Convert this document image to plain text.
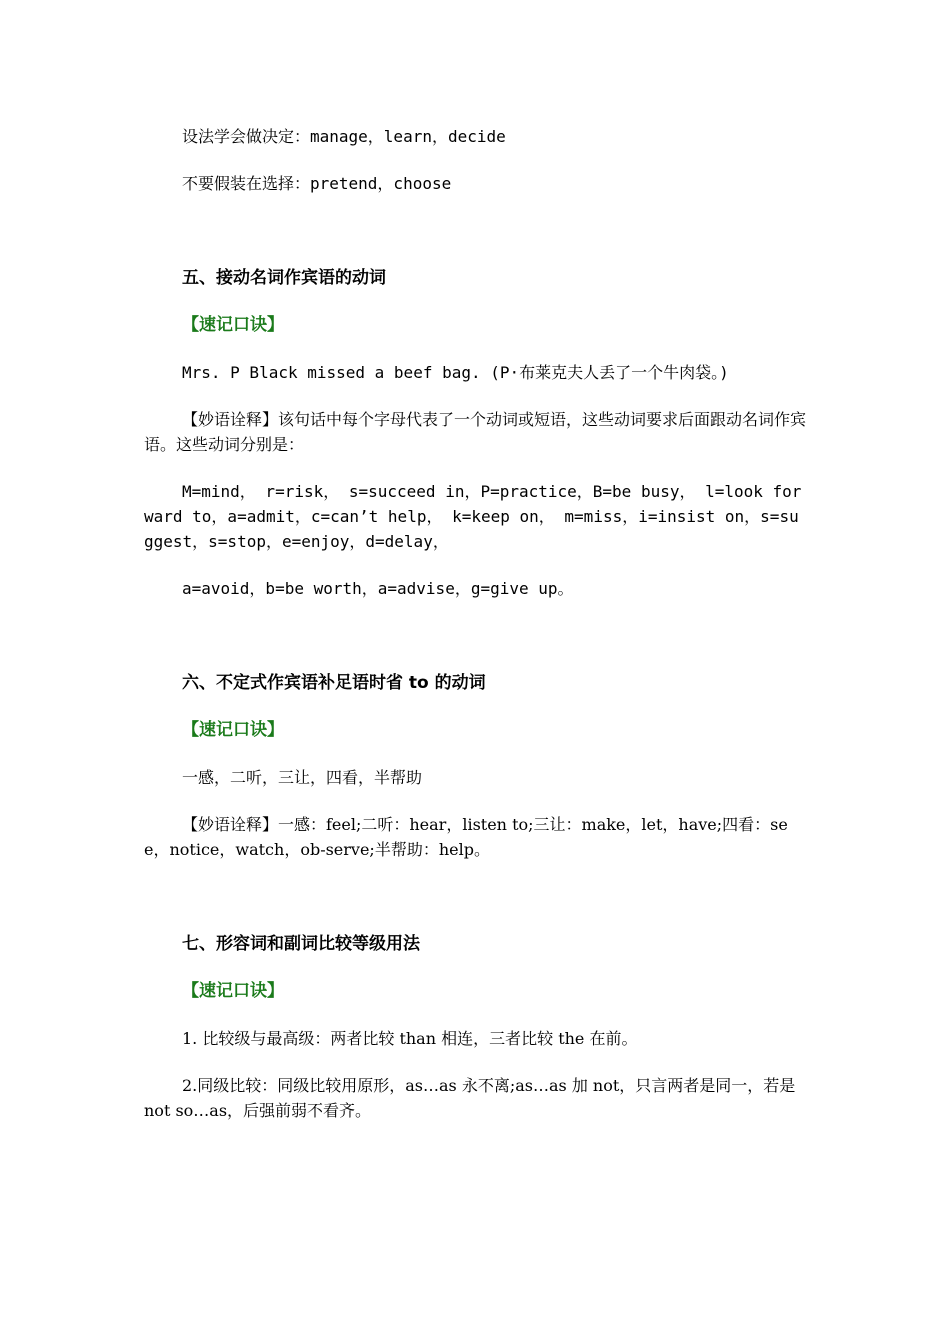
设法学会做决定：manage，learn，decide

不要假装在选择：pretend，choose

五、接动名词作宾语的动词

【速记口诀】

Mrs. P Black missed a beef bag. (P·布莱克夫人丢了一个牛肉袋。)

【妙语诠释】该句话中每个字母代表了一个动词或短语，这些动词要求后面跟动名词作宾语。这些动词分别是：

M=mind， r=risk， s=succeed in，P=practice，B=be busy， l=look forward to，a=admit，c=can’t help， k=keep on， m=miss，i=insist on，s=suggest，s=stop，e=enjoy，d=delay，

a=avoid，b=be worth，a=advise，g=give up。

六、不定式作宾语补足语时省 to 的动词

【速记口诀】

一感，二听，三让，四看，半帮助

【妙语诠释】一感：feel;二听：hear，listen to;三让：make，let，have;四看：see，notice，watch，ob-serve;半帮助：help。

七、形容词和副词比较等级用法

【速记口诀】

1. 比较级与最高级：两者比较 than 相连，三者比较 the 在前。

2.同级比较：同级比较用原形，as…as 永不离;as…as 加 not，只言两者是同一，若是 not so…as，后强前弱不看齐。
